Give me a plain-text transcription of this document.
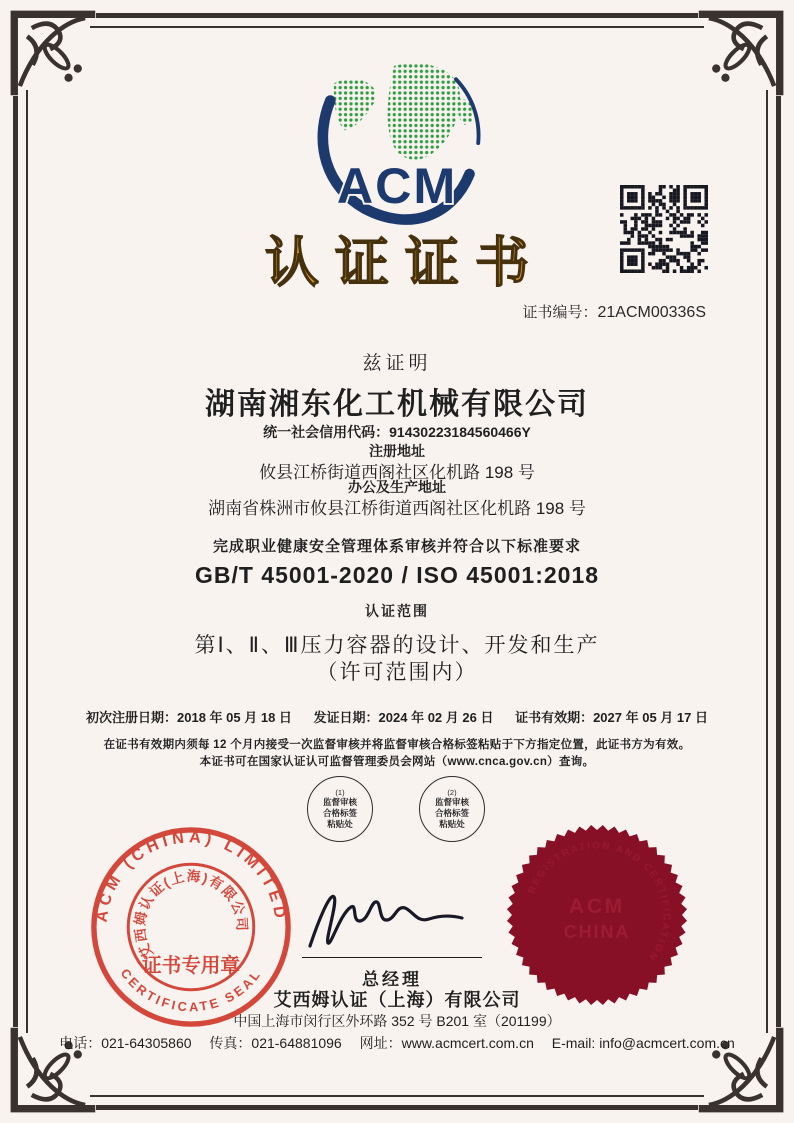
ACM
认证证书
证书编号：21ACM00336S
兹证明
湖南湘东化工机械有限公司
统一社会信用代码：91430223184560466Y
注册地址
攸县江桥街道西阁社区化机路 198 号
办公及生产地址
湖南省株洲市攸县江桥街道西阁社区化机路 198 号
完成职业健康安全管理体系审核并符合以下标准要求
GB/T 45001-2020 / ISO 45001:2018
认证范围
第Ⅰ、Ⅱ、Ⅲ压力容器的设计、开发和生产
（许可范围内）
初次注册日期：2018 年 05 月 18 日 发证日期：2024 年 02 月 26 日 证书有效期：2027 年 05 月 17 日
在证书有效期内须每 12 个月内接受一次监督审核并将监督审核合格标签粘贴于下方指定位置，此证书方为有效。
本证书可在国家认证认可监督管理委员会网站（www.cnca.gov.cn）查询。
(1)
监督审核
合格标签
粘贴处
(2)
监督审核
合格标签
粘贴处
ACM (CHINA) LIMITED
艾西姆认证(上海)有限公司
证书专用章
CERTIFICATE SEAL
REGISTRATION AND CERTIFICATION
ACM
CHINA
总经理
艾西姆认证（上海）有限公司
中国上海市闵行区外环路 352 号 B201 室（201199）
电话：021-64305860 传真：021-64881096 网址：www.acmcert.com.cn E-mail: info@acmcert.com.cn
